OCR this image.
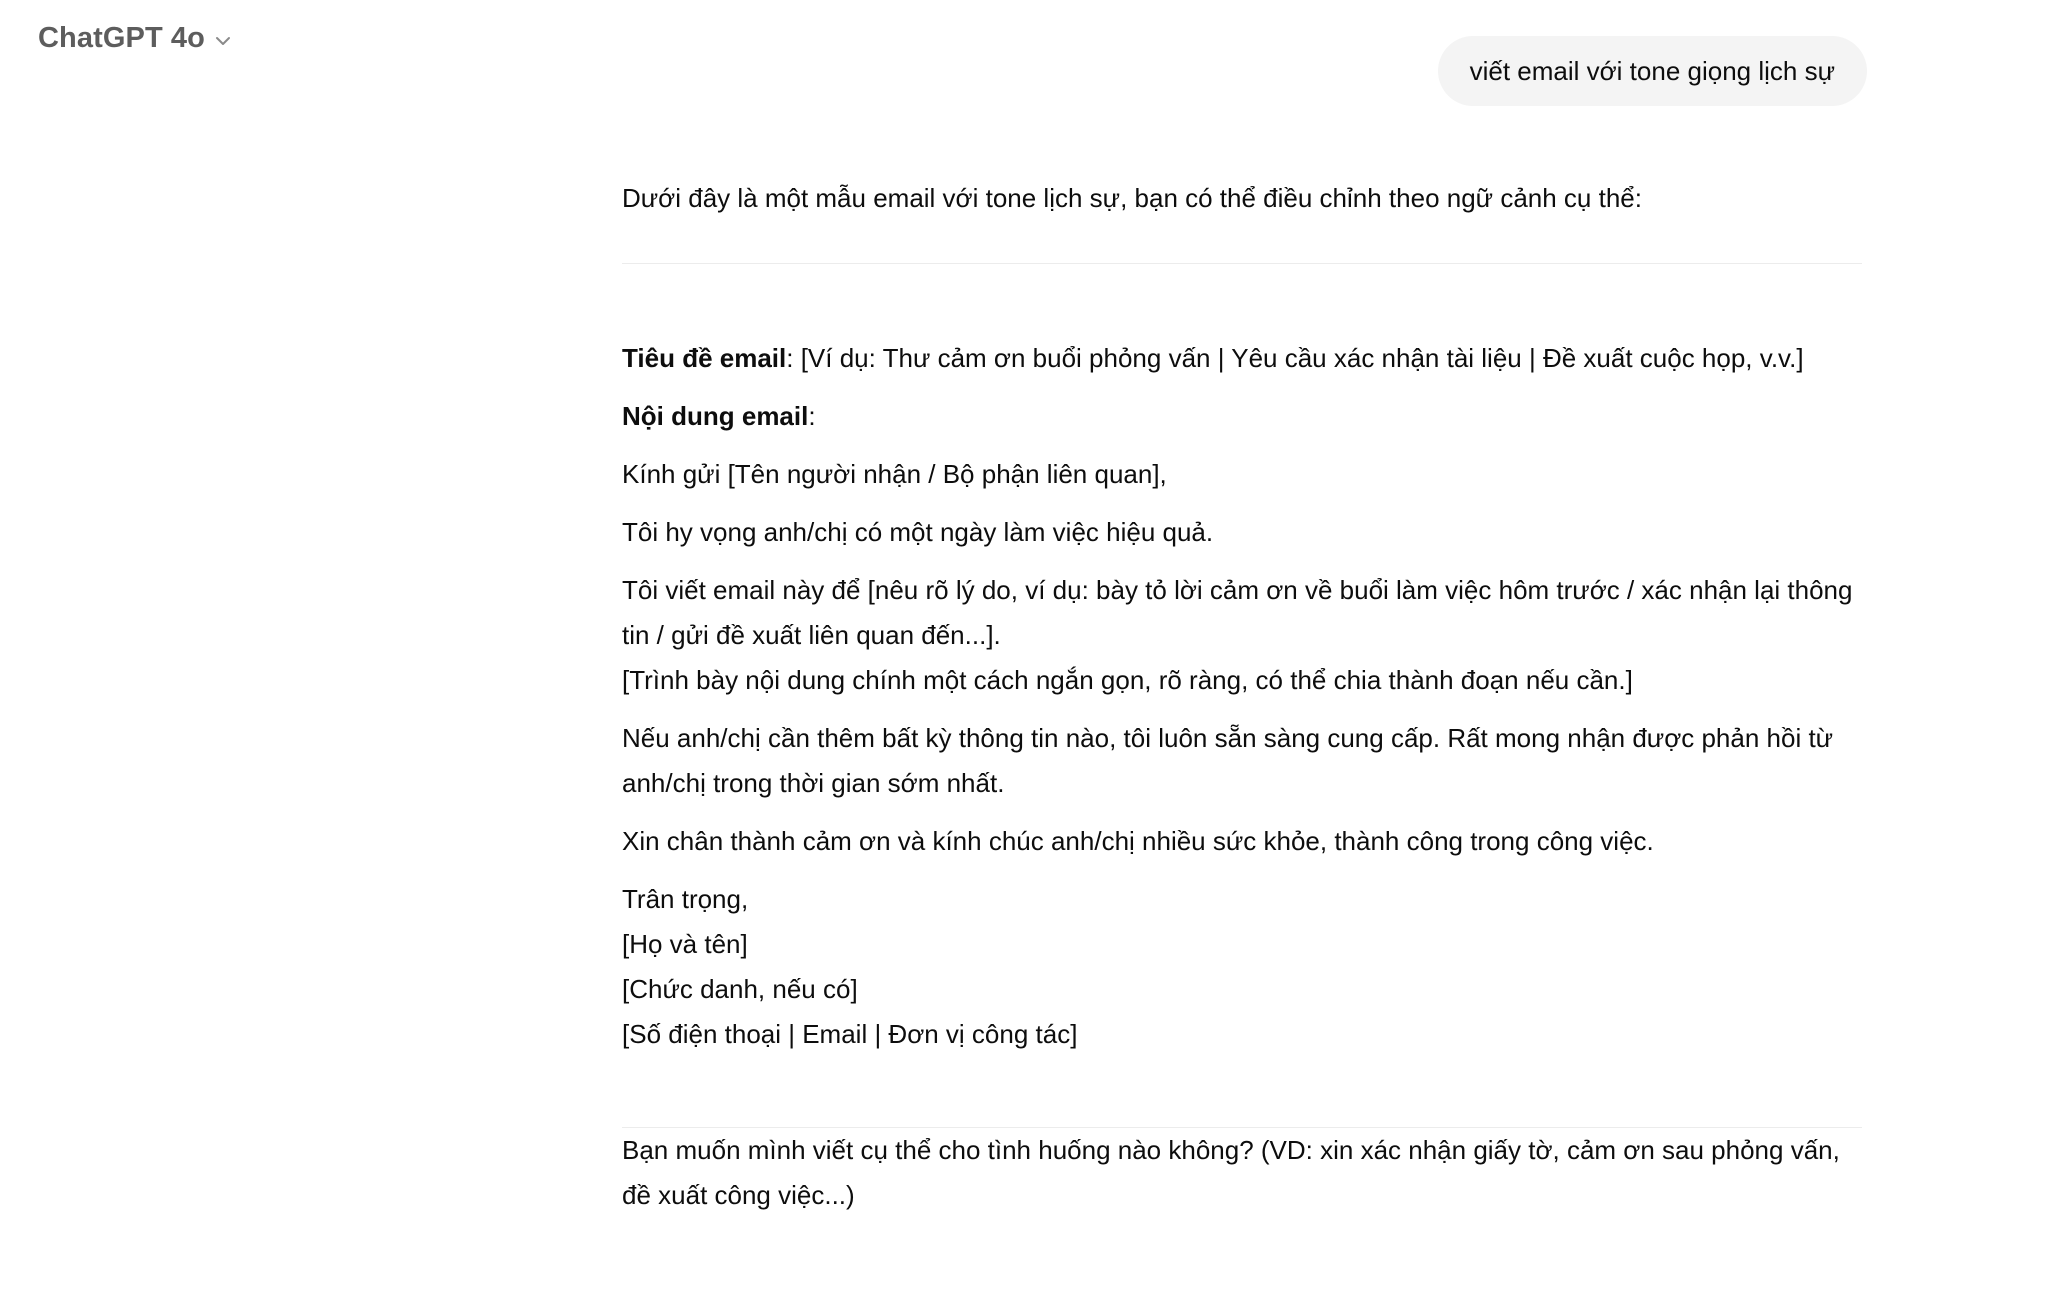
ChatGPT 4o
viết email với tone giọng lịch sự

Dưới đây là một mẫu email với tone lịch sự, bạn có thể điều chỉnh theo ngữ cảnh cụ thể:

Tiêu đề email: [Ví dụ: Thư cảm ơn buổi phỏng vấn | Yêu cầu xác nhận tài liệu | Đề xuất cuộc họp, v.v.]

Nội dung email:

Kính gửi [Tên người nhận / Bộ phận liên quan],

Tôi hy vọng anh/chị có một ngày làm việc hiệu quả.

Tôi viết email này để [nêu rõ lý do, ví dụ: bày tỏ lời cảm ơn về buổi làm việc hôm trước / xác nhận lại thông tin / gửi đề xuất liên quan đến...].

[Trình bày nội dung chính một cách ngắn gọn, rõ ràng, có thể chia thành đoạn nếu cần.]

Nếu anh/chị cần thêm bất kỳ thông tin nào, tôi luôn sẵn sàng cung cấp. Rất mong nhận được phản hồi từ anh/chị trong thời gian sớm nhất.

Xin chân thành cảm ơn và kính chúc anh/chị nhiều sức khỏe, thành công trong công việc.

Trân trọng,
[Họ và tên]
[Chức danh, nếu có]
[Số điện thoại | Email | Đơn vị công tác]

Bạn muốn mình viết cụ thể cho tình huống nào không? (VD: xin xác nhận giấy tờ, cảm ơn sau phỏng vấn, đề xuất công việc...)
